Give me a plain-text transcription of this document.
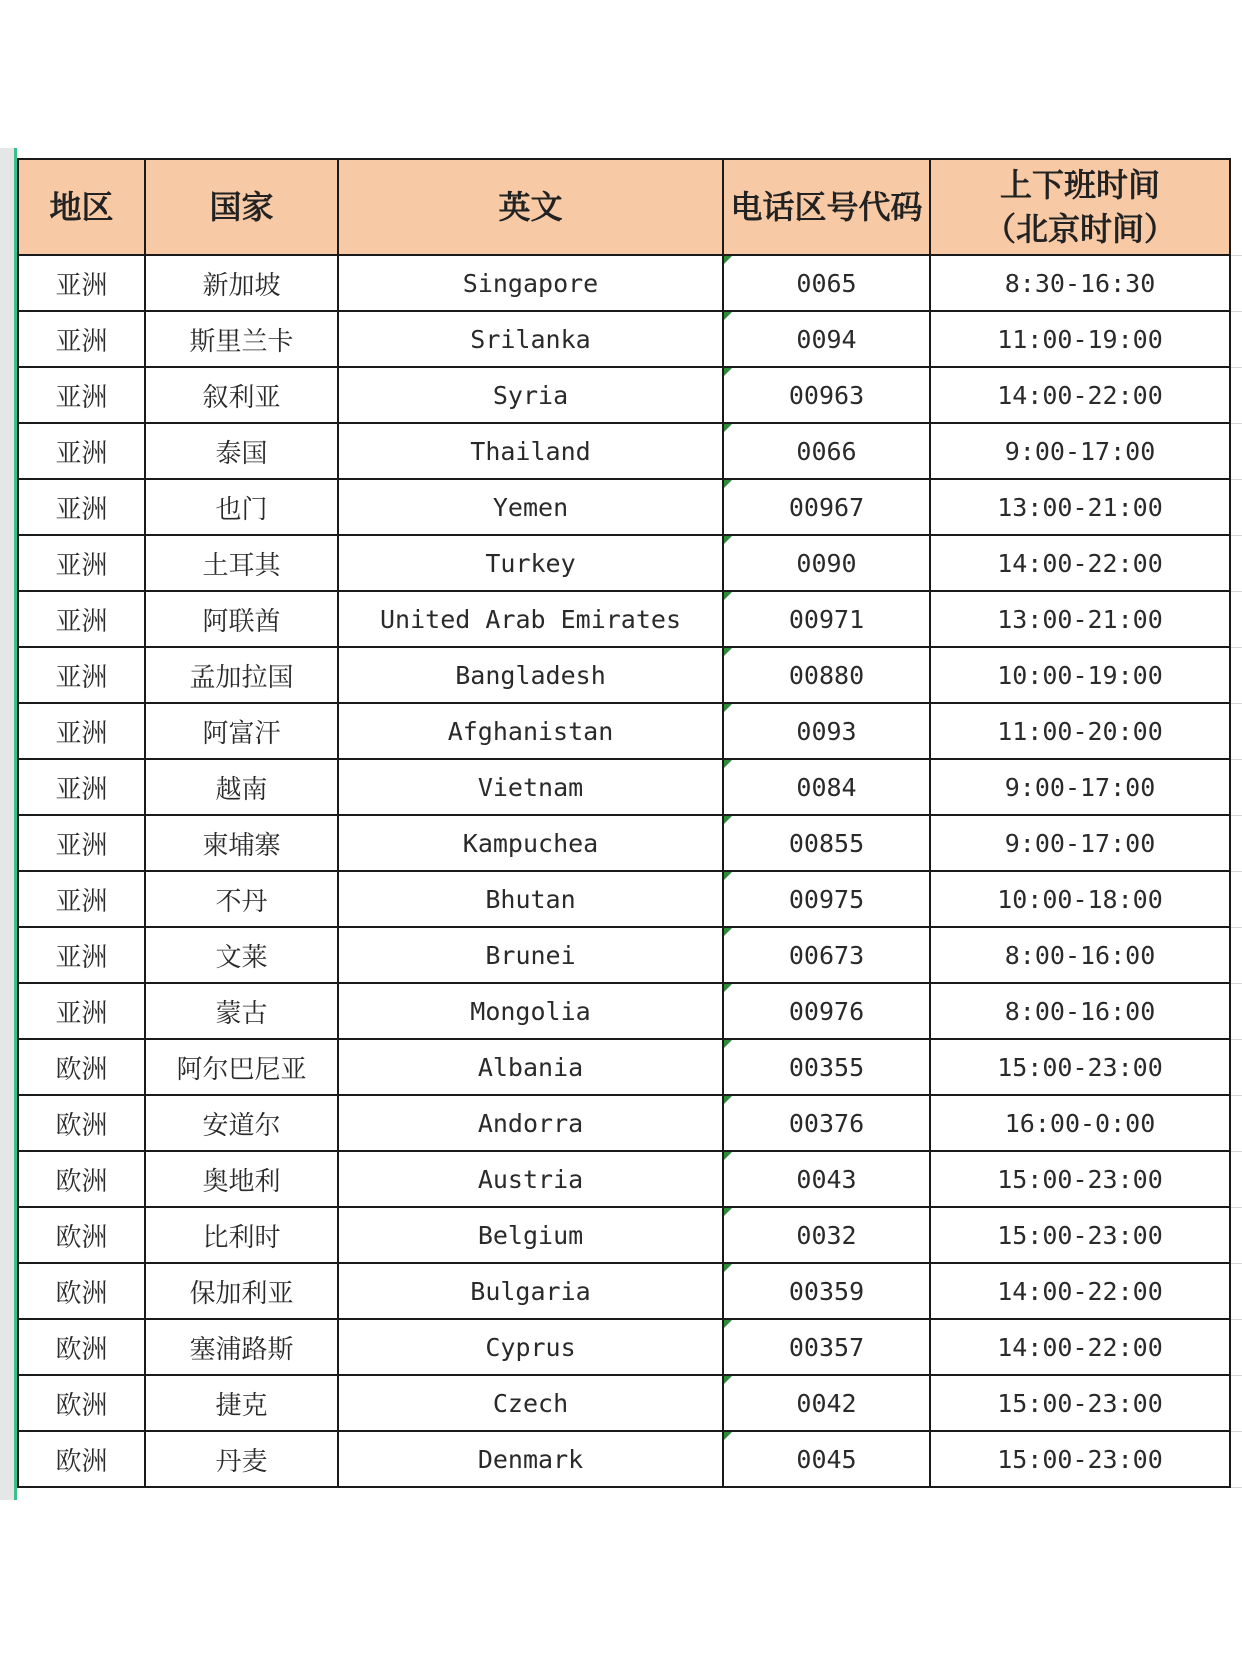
地区	国家	英文	电话区号代码	上下班时间
（北京时间）	

亚洲	新加坡	Singapore	0065	8:30-16:30	
亚洲	斯里兰卡	Srilanka	0094	11:00-19:00	
亚洲	叙利亚	Syria	00963	14:00-22:00	
亚洲	泰国	Thailand	0066	9:00-17:00	
亚洲	也门	Yemen	00967	13:00-21:00	
亚洲	土耳其	Turkey	0090	14:00-22:00	
亚洲	阿联酋	United Arab Emirates	00971	13:00-21:00	
亚洲	孟加拉国	Bangladesh	00880	10:00-19:00	
亚洲	阿富汗	Afghanistan	0093	11:00-20:00	
亚洲	越南	Vietnam	0084	9:00-17:00	
亚洲	柬埔寨	Kampuchea	00855	9:00-17:00	
亚洲	不丹	Bhutan	00975	10:00-18:00	
亚洲	文莱	Brunei	00673	8:00-16:00	
亚洲	蒙古	Mongolia	00976	8:00-16:00	
欧洲	阿尔巴尼亚	Albania	00355	15:00-23:00	
欧洲	安道尔	Andorra	00376	16:00-0:00	
欧洲	奥地利	Austria	0043	15:00-23:00	
欧洲	比利时	Belgium	0032	15:00-23:00	
欧洲	保加利亚	Bulgaria	00359	14:00-22:00	
欧洲	塞浦路斯	Cyprus	00357	14:00-22:00	
欧洲	捷克	Czech	0042	15:00-23:00	
欧洲	丹麦	Denmark	0045	15:00-23:00	
